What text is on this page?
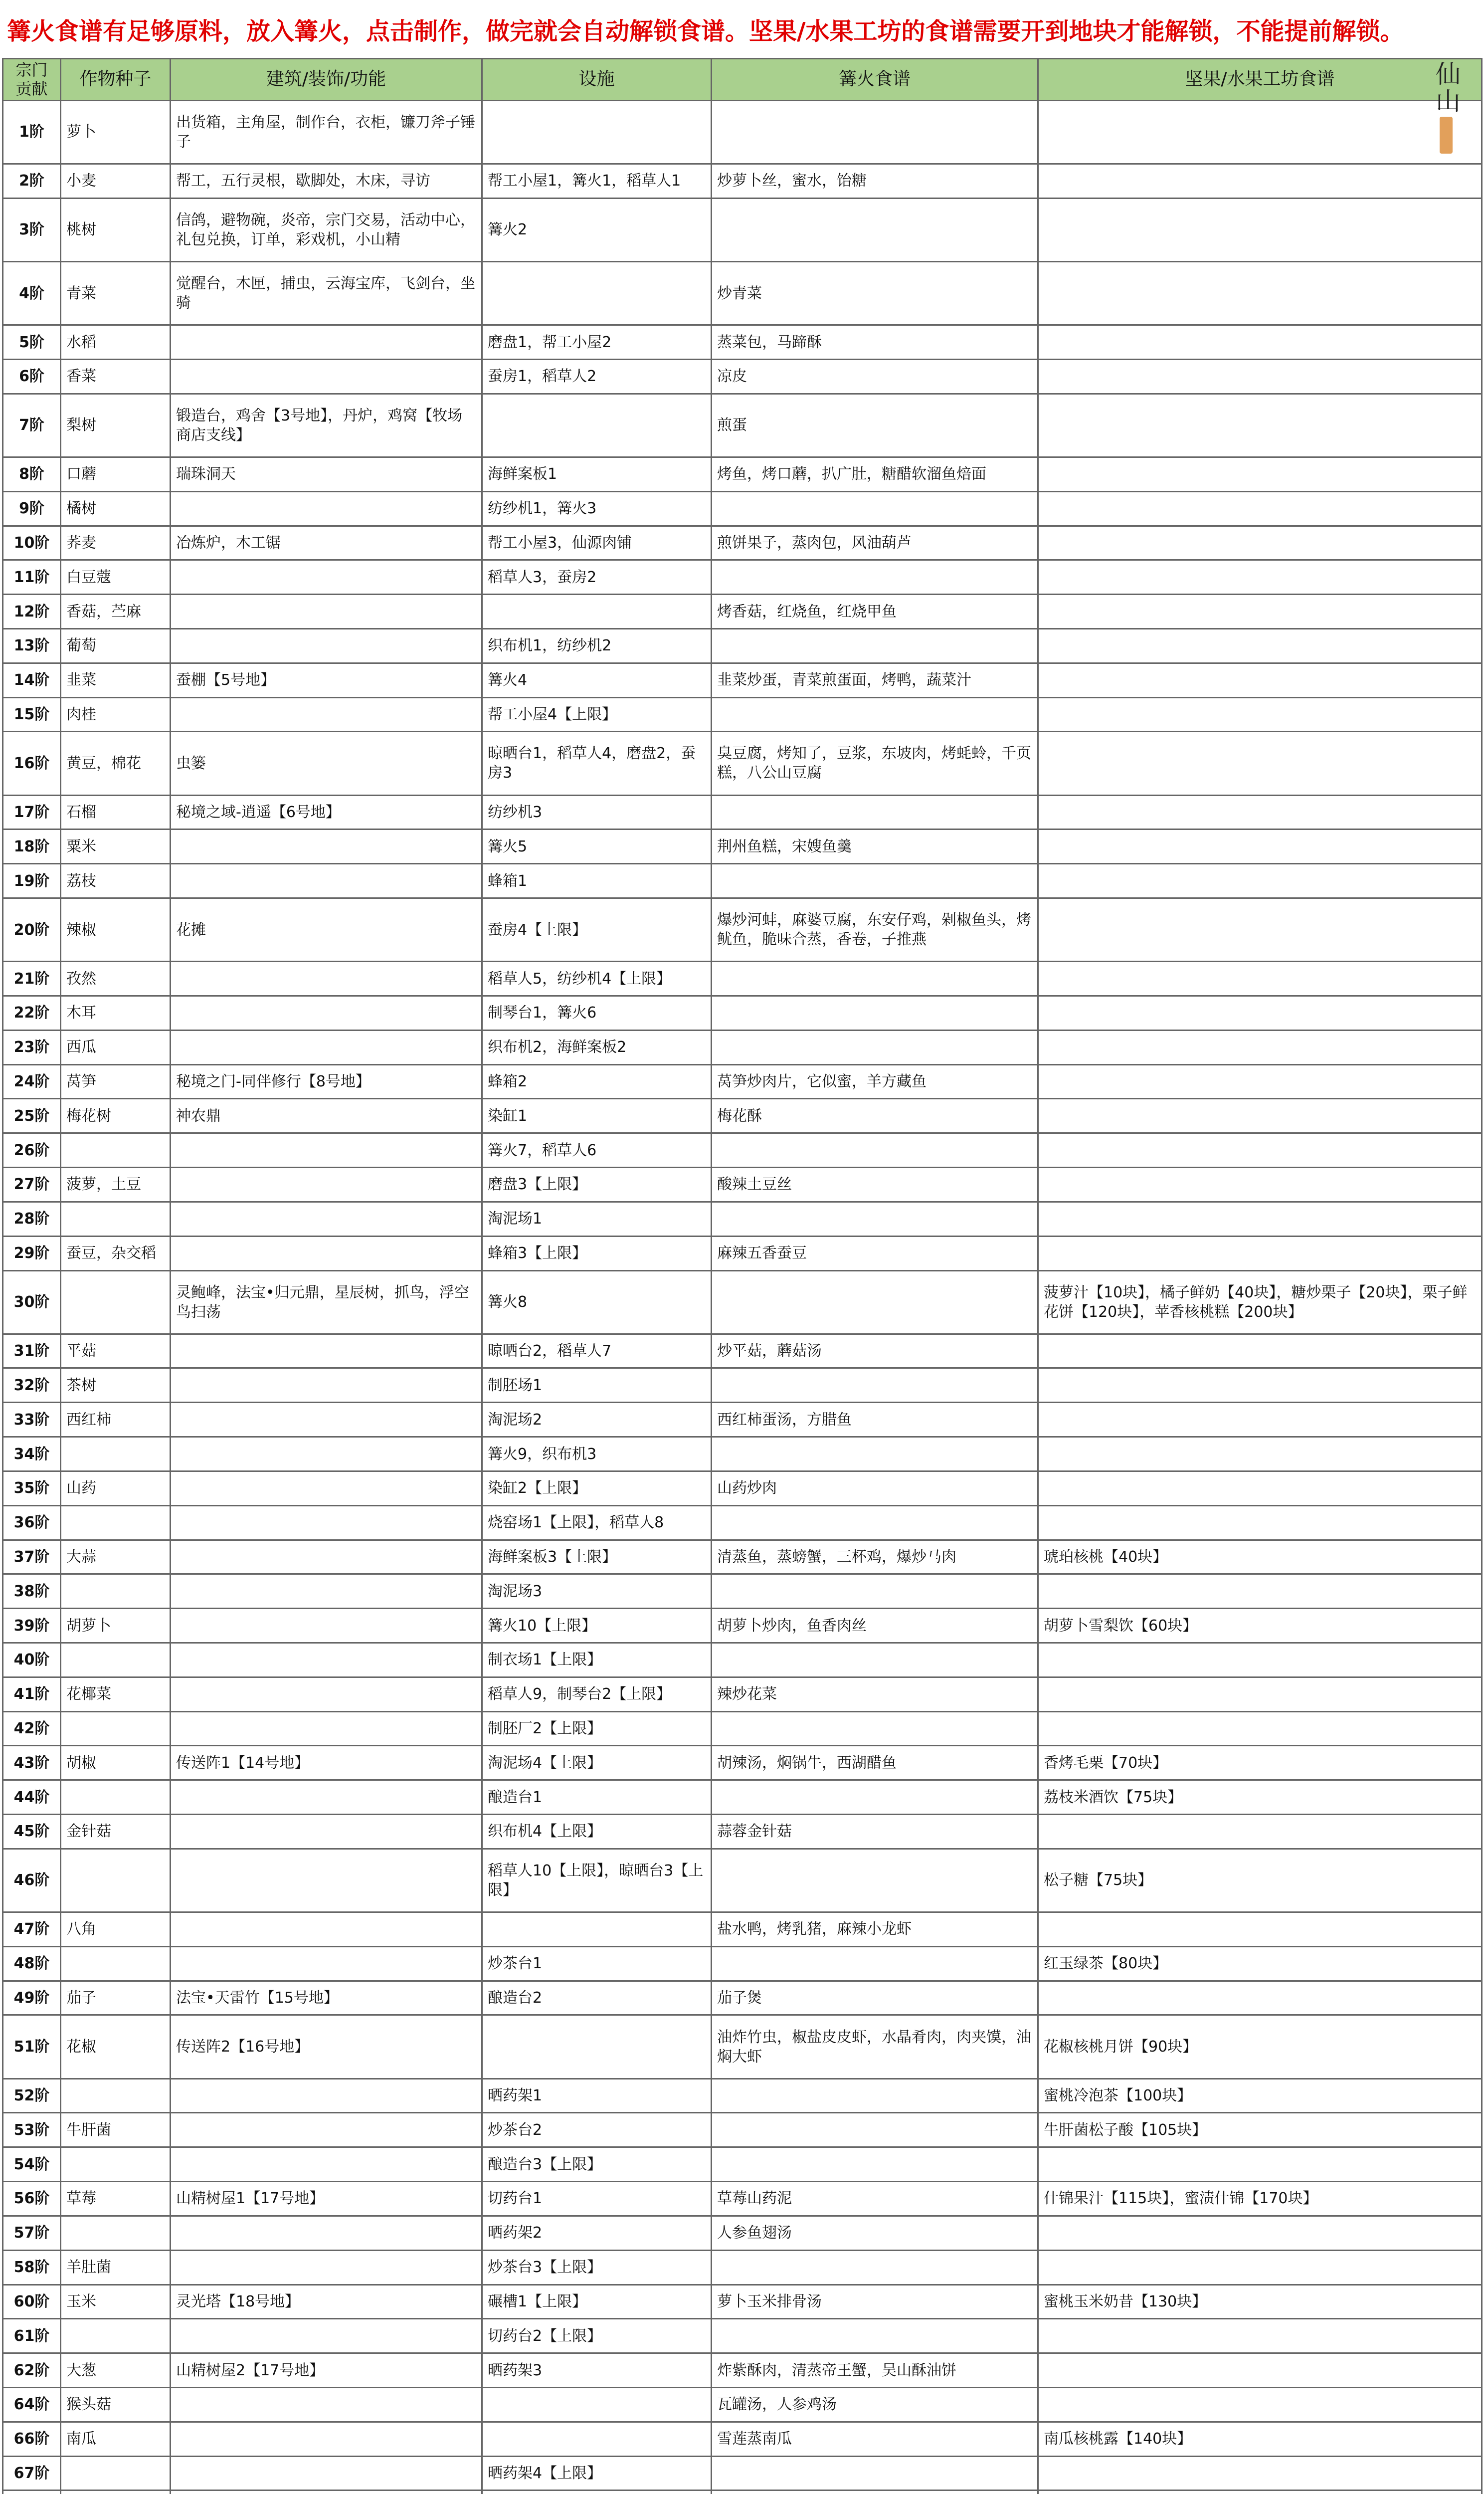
篝火食谱有足够原料，放入篝火，点击制作，做完就会自动解锁食谱。坚果/水果工坊的食谱需要开到地块才能解锁，不能提前解锁。
宗门贡献	作物种子	建筑/装饰/功能	设施	篝火食谱	坚果/水果工坊食谱
1阶	萝卜	出货箱，主角屋，制作台，衣柜，镰刀斧子锤子			
2阶	小麦	帮工，五行灵根，歇脚处，木床，寻访	帮工小屋1，篝火1，稻草人1	炒萝卜丝，蜜水，饴糖	
3阶	桃树	信鸽，避物碗，炎帝，宗门交易，活动中心，礼包兑换，订单，彩戏机，小山精	篝火2		
4阶	青菜	觉醒台，木匣，捕虫，云海宝库，飞剑台，坐骑		炒青菜	
5阶	水稻		磨盘1，帮工小屋2	蒸菜包，马蹄酥	
6阶	香菜		蚕房1，稻草人2	凉皮	
7阶	梨树	锻造台，鸡舍【3号地】，丹炉，鸡窝【牧场商店支线】		煎蛋	
8阶	口蘑	瑞珠洞天	海鲜案板1	烤鱼，烤口蘑，扒广肚，糖醋软溜鱼焙面	
9阶	橘树		纺纱机1，篝火3		
10阶	荞麦	冶炼炉，木工锯	帮工小屋3，仙源肉铺	煎饼果子，蒸肉包，风油葫芦	
11阶	白豆蔻		稻草人3，蚕房2		
12阶	香菇，苎麻			烤香菇，红烧鱼，红烧甲鱼	
13阶	葡萄		织布机1，纺纱机2		
14阶	韭菜	蚕棚【5号地】	篝火4	韭菜炒蛋，青菜煎蛋面，烤鸭，蔬菜汁	
15阶	肉桂		帮工小屋4【上限】		
16阶	黄豆，棉花	虫篓	晾晒台1，稻草人4，磨盘2，蚕房3	臭豆腐，烤知了，豆浆，东坡肉，烤蚝蛉，千页糕，八公山豆腐	
17阶	石榴	秘境之域-逍遥【6号地】	纺纱机3		
18阶	粟米		篝火5	荆州鱼糕，宋嫂鱼羹	
19阶	荔枝		蜂箱1		
20阶	辣椒	花摊	蚕房4【上限】	爆炒河蚌，麻婆豆腐，东安仔鸡，剁椒鱼头，烤鱿鱼，脆味合蒸，香卷，子推燕	
21阶	孜然		稻草人5，纺纱机4【上限】		
22阶	木耳		制琴台1，篝火6		
23阶	西瓜		织布机2，海鲜案板2		
24阶	莴笋	秘境之门-同伴修行【8号地】	蜂箱2	莴笋炒肉片，它似蜜，羊方藏鱼	
25阶	梅花树	神农鼎	染缸1	梅花酥	
26阶			篝火7，稻草人6		
27阶	菠萝，土豆		磨盘3【上限】	酸辣土豆丝	
28阶			淘泥场1		
29阶	蚕豆，杂交稻		蜂箱3【上限】	麻辣五香蚕豆	
30阶		灵鲍峰，法宝•归元鼎，星辰树，抓鸟，浮空鸟扫荡	篝火8		菠萝汁【10块】，橘子鲜奶【40块】，糖炒栗子【20块】，栗子鲜花饼【120块】，苹香核桃糕【200块】
31阶	平菇		晾晒台2，稻草人7	炒平菇，蘑菇汤	
32阶	茶树		制胚场1		
33阶	西红柿		淘泥场2	西红柿蛋汤，方腊鱼	
34阶			篝火9，织布机3		
35阶	山药		染缸2【上限】	山药炒肉	
36阶			烧窑场1【上限】，稻草人8		
37阶	大蒜		海鲜案板3【上限】	清蒸鱼，蒸螃蟹，三杯鸡，爆炒马肉	琥珀核桃【40块】
38阶			淘泥场3		
39阶	胡萝卜		篝火10【上限】	胡萝卜炒肉，鱼香肉丝	胡萝卜雪梨饮【60块】
40阶			制衣场1【上限】		
41阶	花椰菜		稻草人9，制琴台2【上限】	辣炒花菜	
42阶			制胚厂2【上限】		
43阶	胡椒	传送阵1【14号地】	淘泥场4【上限】	胡辣汤，焖锅牛，西湖醋鱼	香烤毛栗【70块】
44阶			酿造台1		荔枝米酒饮【75块】
45阶	金针菇		织布机4【上限】	蒜蓉金针菇	
46阶			稻草人10【上限】，晾晒台3【上限】		松子糖【75块】
47阶	八角			盐水鸭，烤乳猪，麻辣小龙虾	
48阶			炒茶台1		红玉绿茶【80块】
49阶	茄子	法宝•天雷竹【15号地】	酿造台2	茄子煲	
51阶	花椒	传送阵2【16号地】		油炸竹虫，椒盐皮皮虾，水晶肴肉，肉夹馍，油焖大虾	花椒核桃月饼【90块】
52阶			晒药架1		蜜桃冷泡茶【100块】
53阶	牛肝菌		炒茶台2		牛肝菌松子酸【105块】
54阶			酿造台3【上限】		
56阶	草莓	山精树屋1【17号地】	切药台1	草莓山药泥	什锦果汁【115块】，蜜渍什锦【170块】
57阶			晒药架2	人参鱼翅汤	
58阶	羊肚菌		炒茶台3【上限】		
60阶	玉米	灵光塔【18号地】	碾槽1【上限】	萝卜玉米排骨汤	蜜桃玉米奶昔【130块】
61阶			切药台2【上限】		
62阶	大葱	山精树屋2【17号地】	晒药架3	炸紫酥肉，清蒸帝王蟹，吴山酥油饼	
64阶	猴头菇			瓦罐汤，人参鸡汤	
66阶	南瓜			雪莲蒸南瓜	南瓜核桃露【140块】
67阶			晒药架4【上限】		

仙山
